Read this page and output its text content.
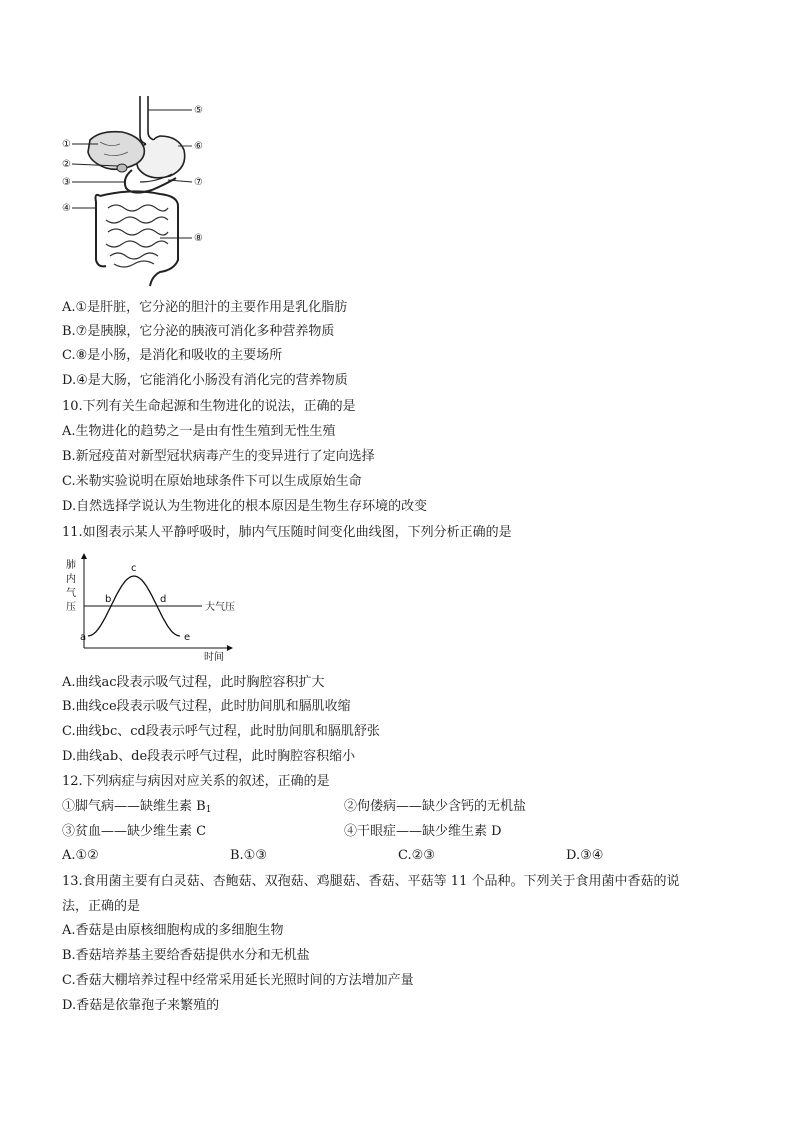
①
②
③
④
⑤
⑥
⑦
⑧
A.①是肝脏，它分泌的胆汁的主要作用是乳化脂肪
B.⑦是胰腺，它分泌的胰液可消化多种营养物质
C.⑧是小肠，是消化和吸收的主要场所
D.④是大肠，它能消化小肠没有消化完的营养物质
10.下列有关生命起源和生物进化的说法，正确的是
A.生物进化的趋势之一是由有性生殖到无性生殖
B.新冠疫苗对新型冠状病毒产生的变异进行了定向选择
C.米勒实验说明在原始地球条件下可以生成原始生命
D.自然选择学说认为生物进化的根本原因是生物生存环境的改变
11.如图表示某人平静呼吸时，肺内气压随时间变化曲线图，下列分析正确的是
肺内气压	大气压
a
b
c
d
e
时间
A.曲线ac段表示吸气过程，此时胸腔容积扩大
B.曲线ce段表示吸气过程，此时肋间肌和膈肌收缩
C.曲线bc、cd段表示呼气过程，此时肋间肌和膈肌舒张
D.曲线ab、de段表示呼气过程，此时胸腔容积缩小
12.下列病症与病因对应关系的叙述，正确的是
①脚气病——缺维生素 $B_1$	②佝偻病——缺少含钙的无机盐
③贫血——缺少维生素 C	④干眼症——缺少维生素 D
A.①②	B.①③	C.②③	D.③④
13.食用菌主要有白灵菇、杏鲍菇、双孢菇、鸡腿菇、香菇、平菇等 11 个品种。下列关于食用菌中香菇的说
法，正确的是
A.香菇是由原核细胞构成的多细胞生物
B.香菇培养基主要给香菇提供水分和无机盐
C.香菇大棚培养过程中经常采用延长光照时间的方法增加产量
D.香菇是依靠孢子来繁殖的
